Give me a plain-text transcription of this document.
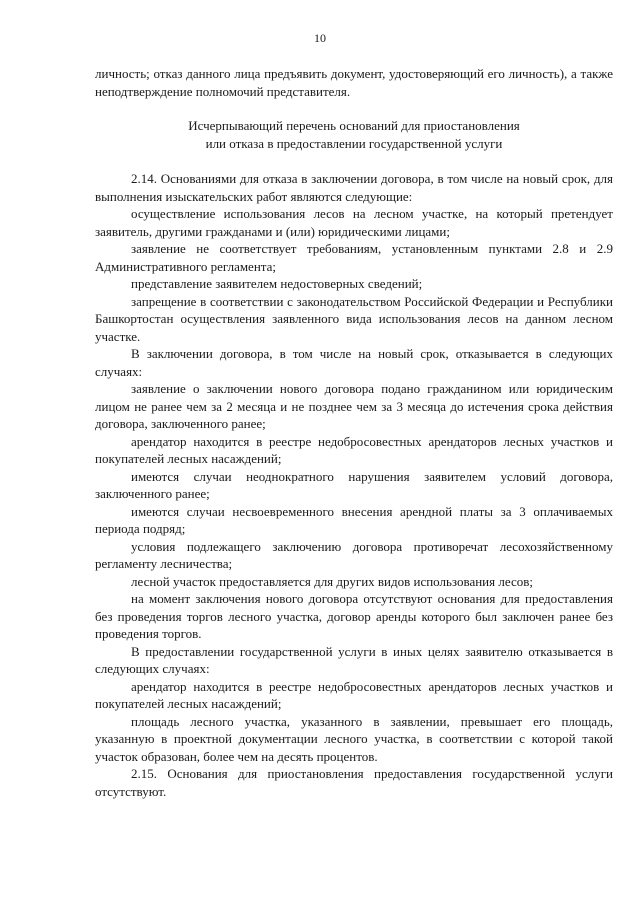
10

личность; отказ данного лица предъявить документ, удостоверяющий его личность), а также неподтверждение полномочий представителя.

Исчерпывающий перечень оснований для приостановления
или отказа в предоставлении государственной услуги

2.14. Основаниями для отказа в заключении договора, в том числе на новый срок, для выполнения изыскательских работ являются следующие:

осуществление использования лесов на лесном участке, на который претендует заявитель, другими гражданами и (или) юридическими лицами;

заявление не соответствует требованиям, установленным пунктами 2.8 и 2.9 Административного регламента;

представление заявителем недостоверных сведений;

запрещение в соответствии с законодательством Российской Федерации и Республики Башкортостан осуществления заявленного вида использования лесов на данном лесном участке.

В заключении договора, в том числе на новый срок, отказывается в следующих случаях:

заявление о заключении нового договора подано гражданином или юридическим лицом не ранее чем за 2 месяца и не позднее чем за 3 месяца до истечения срока действия договора, заключенного ранее;

арендатор находится в реестре недобросовестных арендаторов лесных участков и покупателей лесных насаждений;

имеются случаи неоднократного нарушения заявителем условий договора, заключенного ранее;

имеются случаи несвоевременного внесения арендной платы за 3 оплачиваемых периода подряд;

условия подлежащего заключению договора противоречат лесохозяйственному регламенту лесничества;

лесной участок предоставляется для других видов использования лесов;

на момент заключения нового договора отсутствуют основания для предоставления без проведения торгов лесного участка, договор аренды которого был заключен ранее без проведения торгов.

В предоставлении государственной услуги в иных целях заявителю отказывается в следующих случаях:

арендатор находится в реестре недобросовестных арендаторов лесных участков и покупателей лесных насаждений;

площадь лесного участка, указанного в заявлении, превышает его площадь, указанную в проектной документации лесного участка, в соответствии с которой такой участок образован, более чем на десять процентов.

2.15. Основания для приостановления предоставления государственной услуги отсутствуют.
